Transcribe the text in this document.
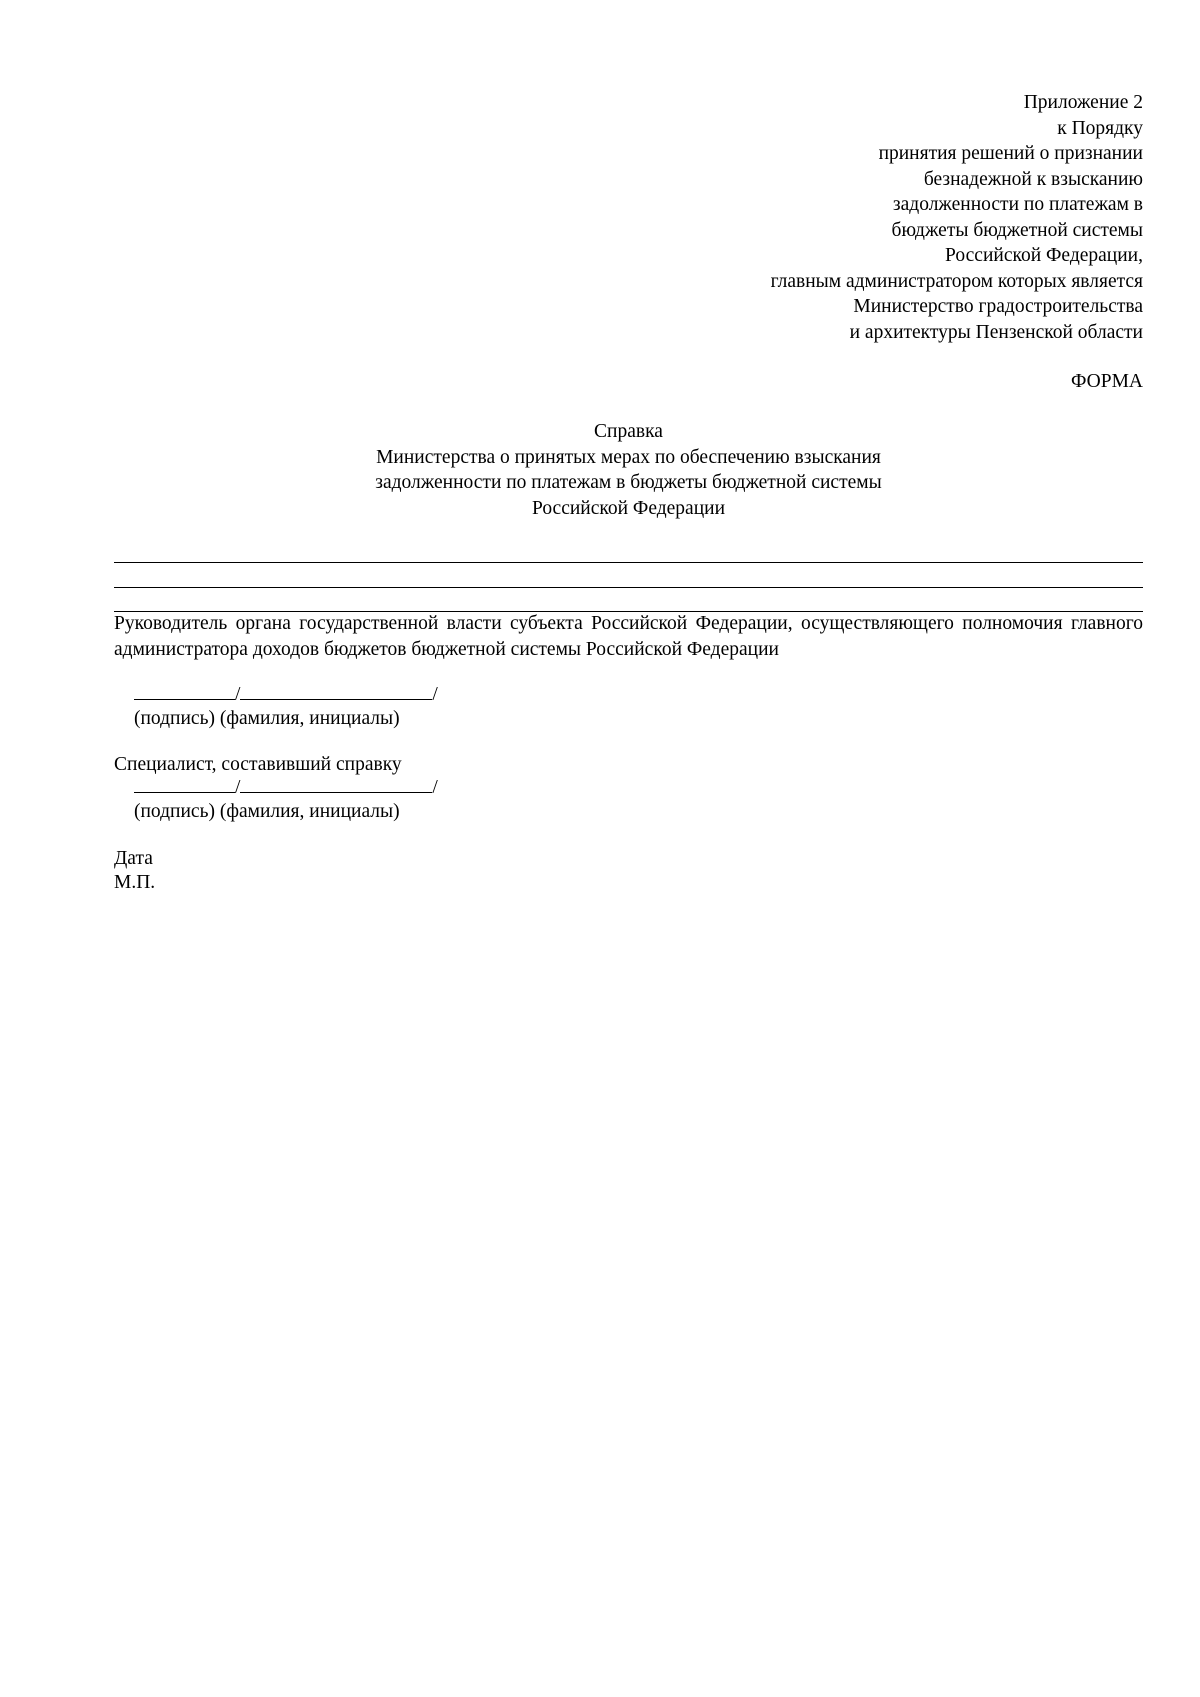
Приложение 2
к Порядку
принятия решений о признании
безнадежной к взысканию
задолженности по платежам в
бюджеты бюджетной системы
Российской Федерации,
главным администратором которых является
Министерство градостроительства
и архитектуры Пензенской области
ФОРМА
Справка
Министерства о принятых мерах по обеспечению взыскания
задолженности по платежам в бюджеты бюджетной системы
Российской Федерации
Руководитель органа государственной власти субъекта Российской Федерации, осуществляющего полномочия главного администратора доходов бюджетов бюджетной системы Российской Федерации
/	/
(подпись) (фамилия, инициалы)
Специалист, составивший справку
/	/
(подпись) (фамилия, инициалы)
Дата
М.П.
